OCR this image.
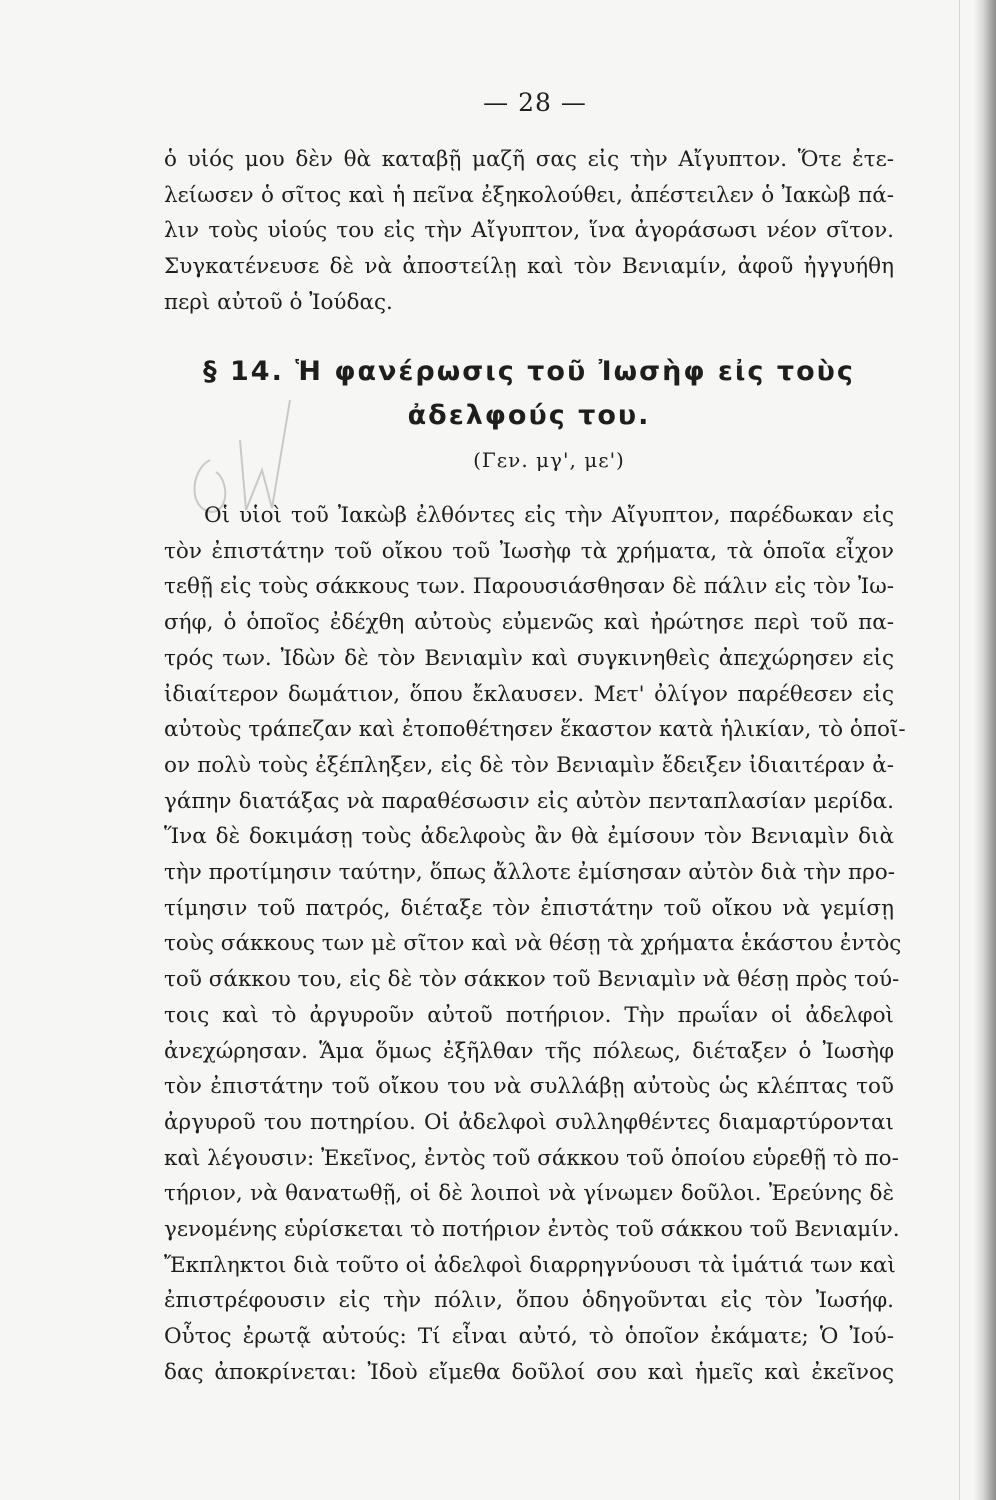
— 28 —
ὁ υἱός μου δὲν θὰ καταβῇ μαζῆ σας εἰς τὴν Αἴγυπτον. Ὅτε ἐτε-
λείωσεν ὁ σῖτος καὶ ἡ πεῖνα ἐξηκολούθει, ἀπέστειλεν ὁ Ἰακὼβ πά-
λιν τοὺς υἱούς του εἰς τὴν Αἴγυπτον, ἵνα ἀγοράσωσι νέον σῖτον.
Συγκατένευσε δὲ νὰ ἀποστείλῃ καὶ τὸν Βενιαμίν, ἀφοῦ ἠγγυήθη
περὶ αὐτοῦ ὁ Ἰούδας.
§ 14. Ἡ φανέρωσις τοῦ Ἰωσὴφ εἰς τοὺς
ἀδελφούς του.
(Γεν. μγ', με')
Οἱ υἱοὶ τοῦ Ἰακὼβ ἐλθόντες εἰς τὴν Αἴγυπτον, παρέδωκαν εἰς
τὸν ἐπιστάτην τοῦ οἴκου τοῦ Ἰωσὴφ τὰ χρήματα, τὰ ὁποῖα εἶχον
τεθῇ εἰς τοὺς σάκκους των. Παρουσιάσθησαν δὲ πάλιν εἰς τὸν Ἰω-
σήφ, ὁ ὁποῖος ἐδέχθη αὐτοὺς εὐμενῶς καὶ ἠρώτησε περὶ τοῦ πα-
τρός των. Ἰδὼν δὲ τὸν Βενιαμὶν καὶ συγκινηθεὶς ἀπεχώρησεν εἰς
ἰδιαίτερον δωμάτιον, ὅπου ἔκλαυσεν. Μετ' ὀλίγον παρέθεσεν εἰς
αὐτοὺς τράπεζαν καὶ ἐτοποθέτησεν ἕκαστον κατὰ ἡλικίαν, τὸ ὁποῖ-
ον πολὺ τοὺς ἐξέπληξεν, εἰς δὲ τὸν Βενιαμὶν ἔδειξεν ἰδιαιτέραν ἀ-
γάπην διατάξας νὰ παραθέσωσιν εἰς αὐτὸν πενταπλασίαν μερίδα.
Ἵνα δὲ δοκιμάσῃ τοὺς ἀδελφοὺς ἂν θὰ ἐμίσουν τὸν Βενιαμὶν διὰ
τὴν προτίμησιν ταύτην, ὅπως ἄλλοτε ἐμίσησαν αὐτὸν διὰ τὴν προ-
τίμησιν τοῦ πατρός, διέταξε τὸν ἐπιστάτην τοῦ οἴκου νὰ γεμίσῃ
τοὺς σάκκους των μὲ σῖτον καὶ νὰ θέσῃ τὰ χρήματα ἑκάστου ἐντὸς
τοῦ σάκκου του, εἰς δὲ τὸν σάκκον τοῦ Βενιαμὶν νὰ θέσῃ πρὸς τού-
τοις καὶ τὸ ἀργυροῦν αὐτοῦ ποτήριον. Τὴν πρωΐαν οἱ ἀδελφοὶ
ἀνεχώρησαν. Ἅμα ὅμως ἐξῆλθαν τῆς πόλεως, διέταξεν ὁ Ἰωσὴφ
τὸν ἐπιστάτην τοῦ οἴκου του νὰ συλλάβῃ αὐτοὺς ὡς κλέπτας τοῦ
ἀργυροῦ του ποτηρίου. Οἱ ἀδελφοὶ συλληφθέντες διαμαρτύρονται
καὶ λέγουσιν: Ἐκεῖνος, ἐντὸς τοῦ σάκκου τοῦ ὁποίου εὑρεθῇ τὸ πο-
τήριον, νὰ θανατωθῇ, οἱ δὲ λοιποὶ νὰ γίνωμεν δοῦλοι. Ἐρεύνης δὲ
γενομένης εὑρίσκεται τὸ ποτήριον ἐντὸς τοῦ σάκκου τοῦ Βενιαμίν.
Ἔκπληκτοι διὰ τοῦτο οἱ ἀδελφοὶ διαρρηγνύουσι τὰ ἱμάτιά των καὶ
ἐπιστρέφουσιν εἰς τὴν πόλιν, ὅπου ὁδηγοῦνται εἰς τὸν Ἰωσήφ.
Οὗτος ἐρωτᾷ αὐτούς: Τί εἶναι αὐτό, τὸ ὁποῖον ἐκάματε; Ὁ Ἰού-
δας ἀποκρίνεται: Ἰδοὺ εἴμεθα δοῦλοί σου καὶ ἡμεῖς καὶ ἐκεῖνος
